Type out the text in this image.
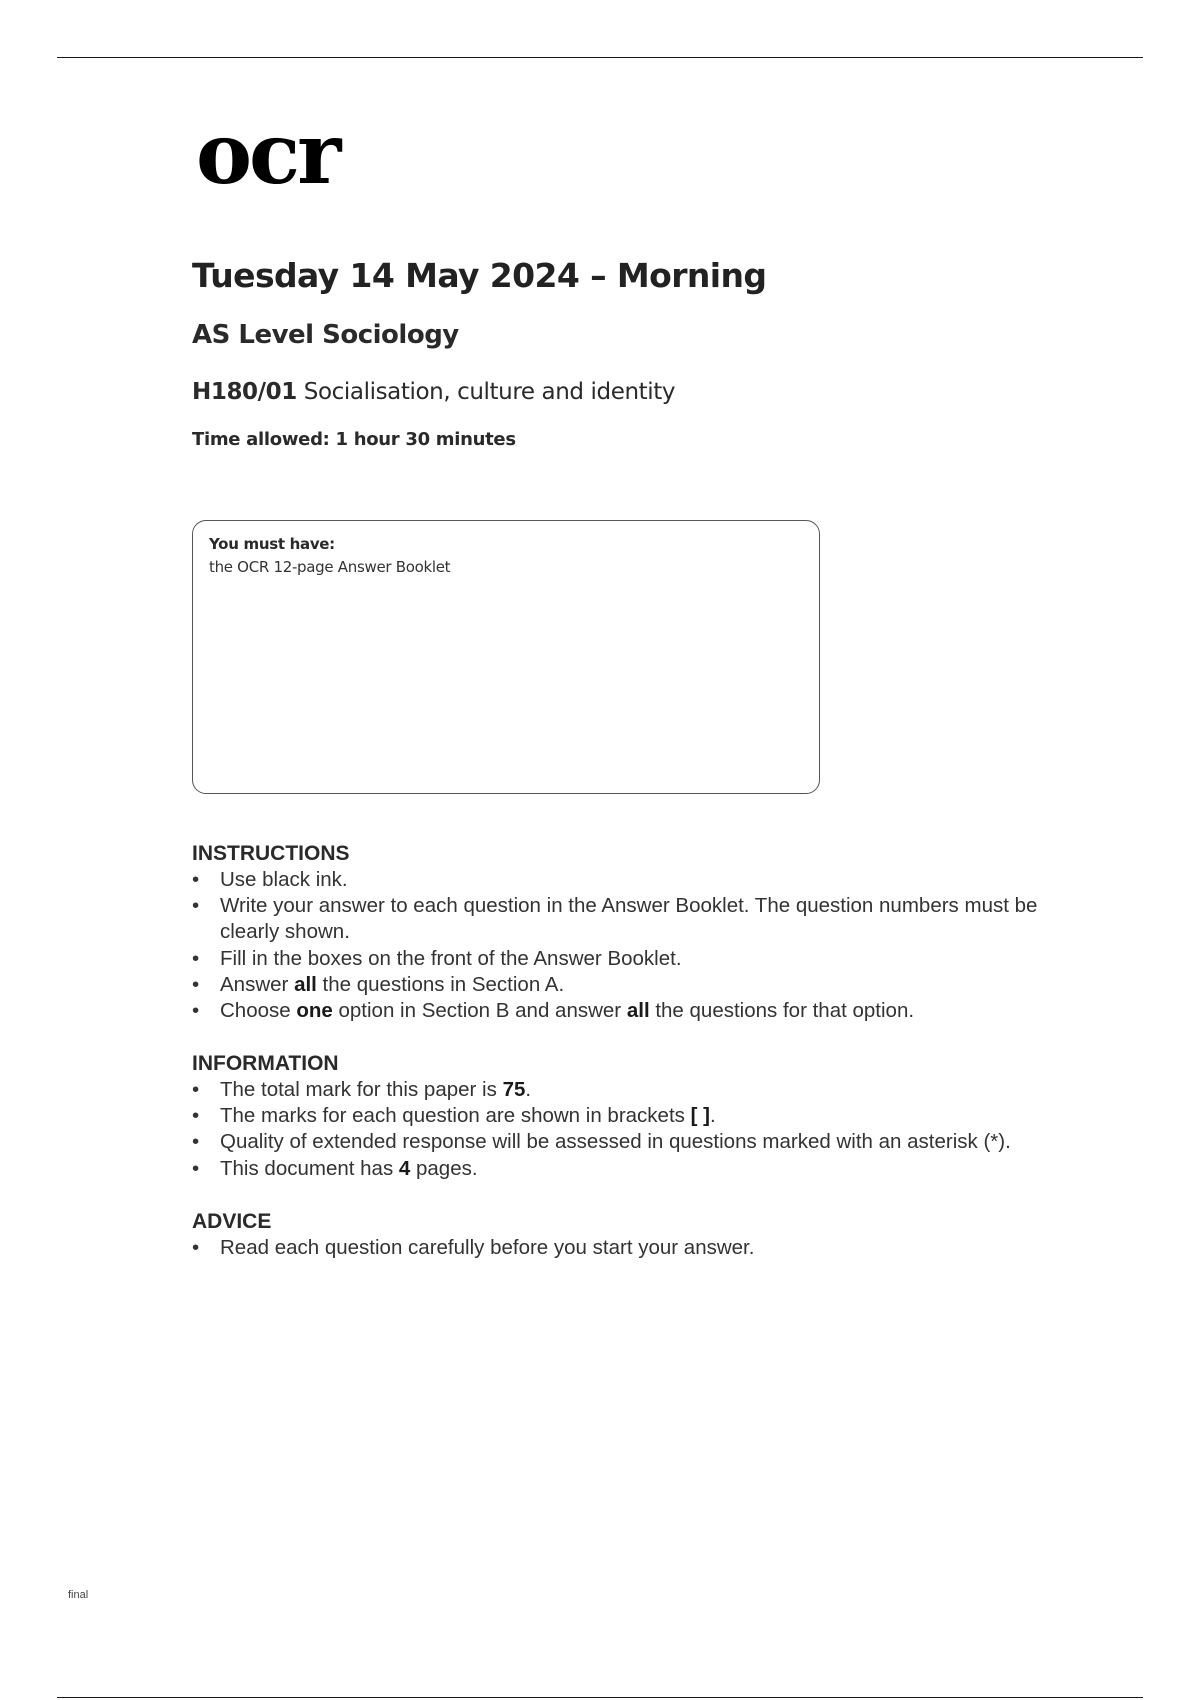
ocr
Tuesday 14 May 2024 – Morning
AS Level Sociology
H180/01 Socialisation, culture and identity
Time allowed: 1 hour 30 minutes
You must have:
the OCR 12-page Answer Booklet
INSTRUCTIONS
• Use black ink.
• Write your answer to each question in the Answer Booklet. The question numbers must be clearly shown.
• Fill in the boxes on the front of the Answer Booklet.
• Answer all the questions in Section A.
• Choose one option in Section B and answer all the questions for that option.
INFORMATION
• The total mark for this paper is 75.
• The marks for each question are shown in brackets [ ].
• Quality of extended response will be assessed in questions marked with an asterisk (*).
• This document has 4 pages.
ADVICE
• Read each question carefully before you start your answer.
final
